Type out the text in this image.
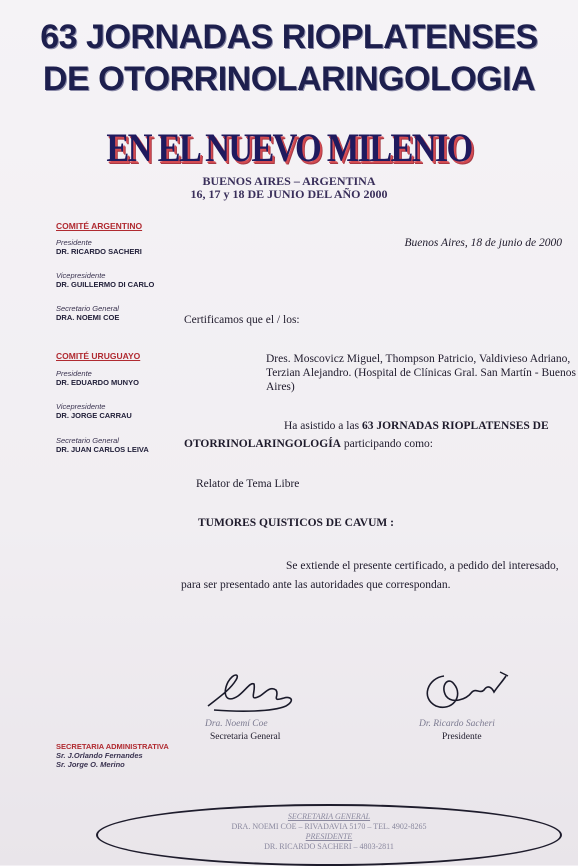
63 JORNADAS RIOPLATENSES
DE OTORRINOLARINGOLOGIA
EN EL NUEVO MILENIO
BUENOS AIRES – ARGENTINA
16, 17 y 18 DE JUNIO DEL AÑO 2000
COMITÉ ARGENTINO
Presidente
DR. RICARDO SACHERI
Vicepresidente
DR. GUILLERMO DI CARLO
Secretario General
DRA. NOEMI COE
COMITÉ URUGUAYO
Presidente
DR. EDUARDO MUNYO
Vicepresidente
DR. JORGE CARRAU
Secretario General
DR. JUAN CARLOS LEIVA
Buenos Aires, 18 de junio de 2000
Certificamos que el / los:
Dres. Moscovicz Miguel, Thompson Patricio, Valdivieso Adriano,
Terzian Alejandro. (Hospital de Clínicas Gral. San Martín - Buenos
Aires)
Ha asistido a las 63 JORNADAS RIOPLATENSES DE
OTORRINOLARINGOLOGÍA participando como:
Relator de Tema Libre
TUMORES QUISTICOS DE CAVUM :
Se extiende el presente certificado, a pedido del interesado,
para ser presentado ante las autoridades que correspondan.
Dra. Noemí Coe
Secretaria General
Dr. Ricardo Sacheri
Presidente
SECRETARIA ADMINISTRATIVA
Sr. J.Orlando Fernandes
Sr. Jorge O. Merino
SECRETARIA GENERAL
DRA. NOEMI COE – RIVADAVIA 5170 – TEL. 4902-8265
PRESIDENTE
DR. RICARDO SACHERI – 4803-2811
